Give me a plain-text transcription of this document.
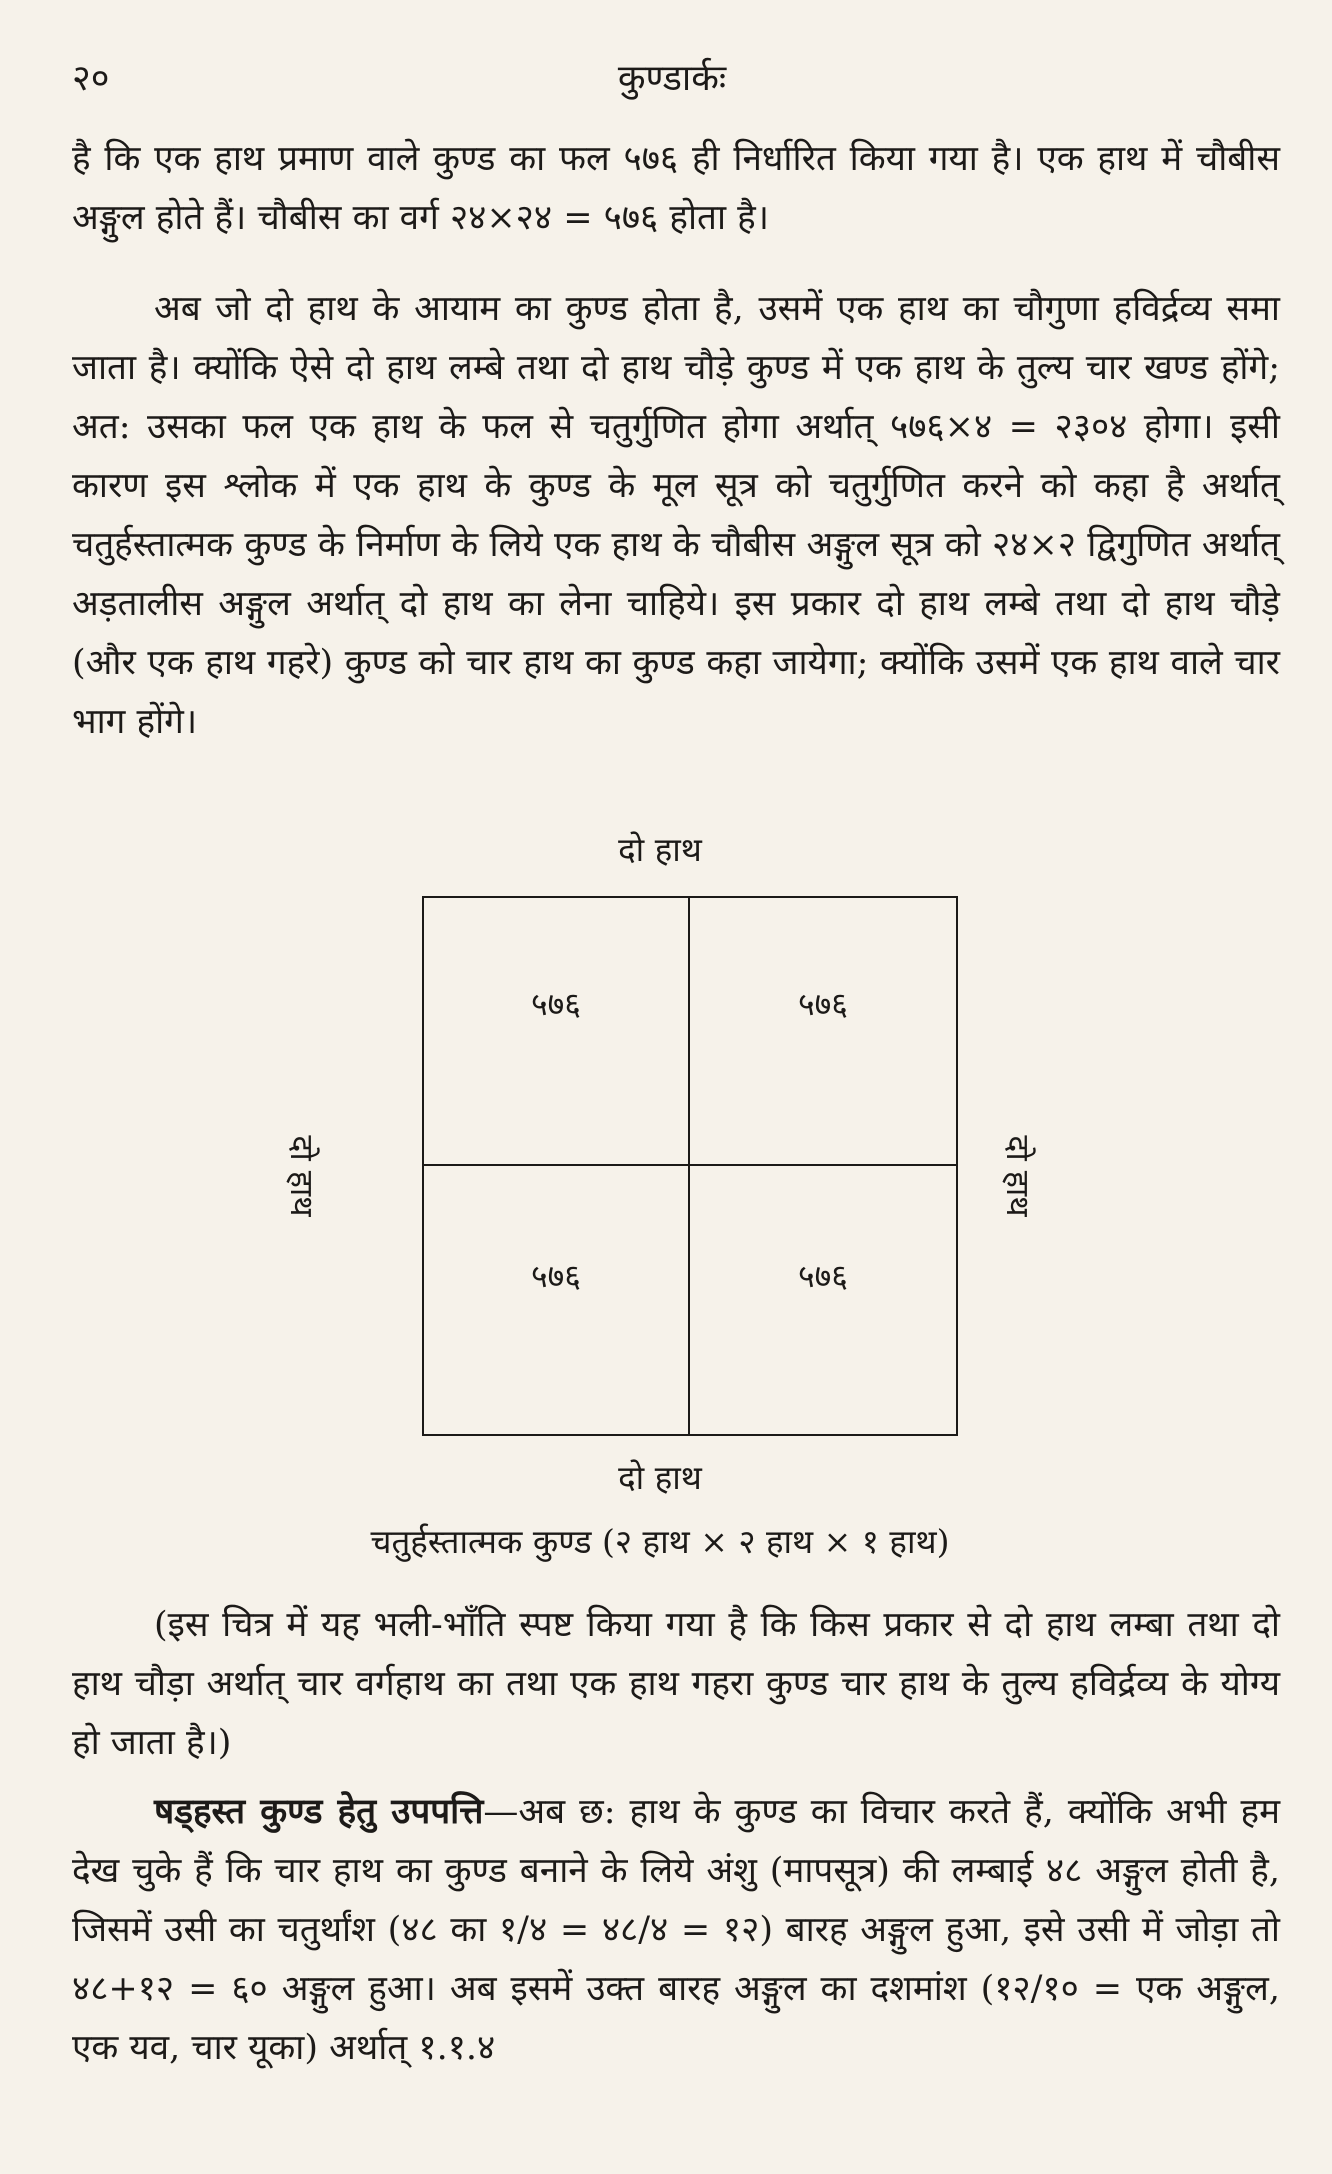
२०	कुण्डार्कः

है कि एक हाथ प्रमाण वाले कुण्ड का फल ५७६ ही निर्धारित किया गया है। एक हाथ में चौबीस अङ्गुल होते हैं। चौबीस का वर्ग २४×२४ = ५७६ होता है।

अब जो दो हाथ के आयाम का कुण्ड होता है, उसमें एक हाथ का चौगुणा हविर्द्रव्य समा जाता है। क्योंकि ऐसे दो हाथ लम्बे तथा दो हाथ चौड़े कुण्ड में एक हाथ के तुल्य चार खण्ड होंगे; अत: उसका फल एक हाथ के फल से चतुर्गुणित होगा अर्थात् ५७६×४ = २३०४ होगा। इसी कारण इस श्लोक में एक हाथ के कुण्ड के मूल सूत्र को चतुर्गुणित करने को कहा है अर्थात् चतुर्हस्तात्मक कुण्ड के निर्माण के लिये एक हाथ के चौबीस अङ्गुल सूत्र को २४×२ द्विगुणित अर्थात् अड़तालीस अङ्गुल अर्थात् दो हाथ का लेना चाहिये। इस प्रकार दो हाथ लम्बे तथा दो हाथ चौड़े (और एक हाथ गहरे) कुण्ड को चार हाथ का कुण्ड कहा जायेगा; क्योंकि उसमें एक हाथ वाले चार भाग होंगे।

दो हाथ
दो हाथ
५७६	५७६
५७६	५७६
दो हाथ
दो हाथ
चतुर्हस्तात्मक कुण्ड (२ हाथ × २ हाथ × १ हाथ)

(इस चित्र में यह भली-भाँति स्पष्ट किया गया है कि किस प्रकार से दो हाथ लम्बा तथा दो हाथ चौड़ा अर्थात् चार वर्गहाथ का तथा एक हाथ गहरा कुण्ड चार हाथ के तुल्य हविर्द्रव्य के योग्य हो जाता है।)

षड्हस्त कुण्ड हेतु उपपत्ति—अब छ: हाथ के कुण्ड का विचार करते हैं, क्योंकि अभी हम देख चुके हैं कि चार हाथ का कुण्ड बनाने के लिये अंशु (मापसूत्र) की लम्बाई ४८ अङ्गुल होती है, जिसमें उसी का चतुर्थांश (४८ का १/४ = ४८/४ = १२) बारह अङ्गुल हुआ, इसे उसी में जोड़ा तो ४८+१२ = ६० अङ्गुल हुआ। अब इसमें उक्त बारह अङ्गुल का दशमांश (१२/१० = एक अङ्गुल, एक यव, चार यूका) अर्थात् १.१.४
